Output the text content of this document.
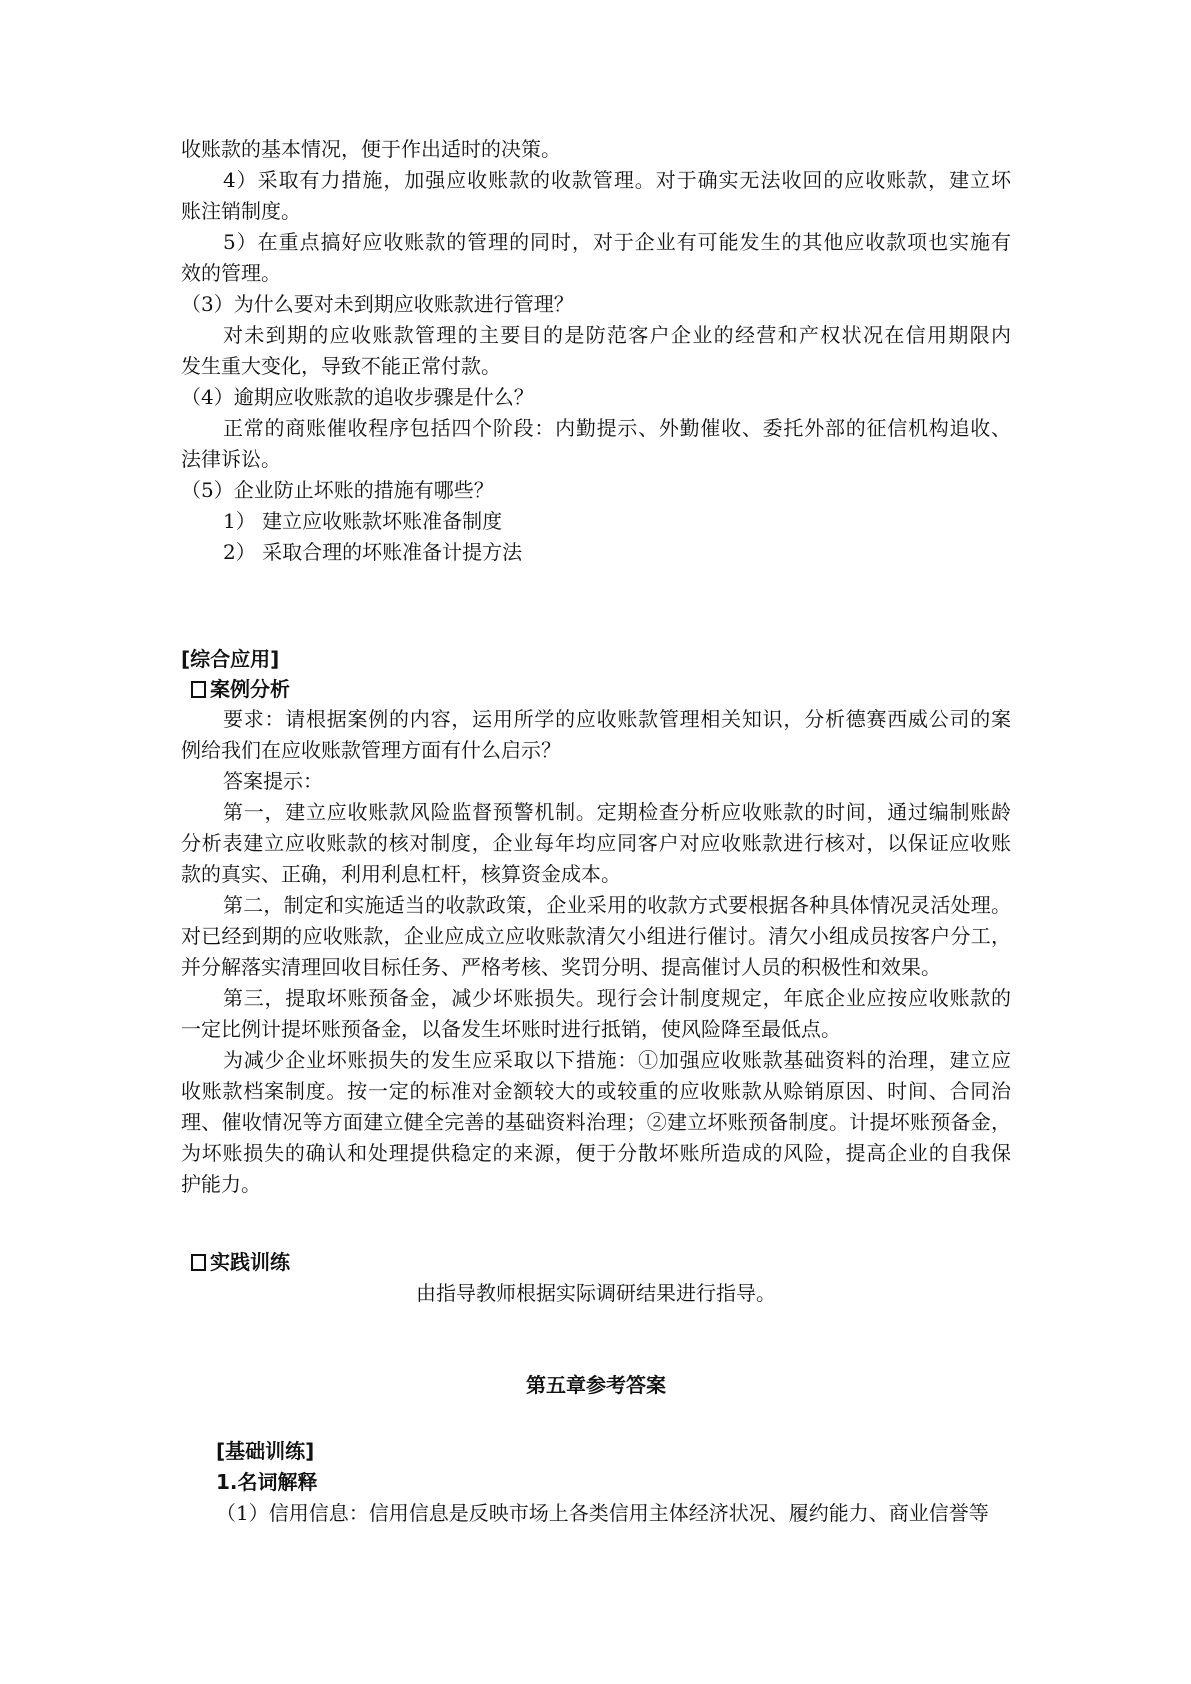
收账款的基本情况，便于作出适时的决策。
4）采取有力措施，加强应收账款的收款管理。对于确实无法收回的应收账款，建立坏
账注销制度。
5）在重点搞好应收账款的管理的同时，对于企业有可能发生的其他应收款项也实施有
效的管理。
（3）为什么要对未到期应收账款进行管理？
对未到期的应收账款管理的主要目的是防范客户企业的经营和产权状况在信用期限内
发生重大变化，导致不能正常付款。
（4）逾期应收账款的追收步骤是什么？
正常的商账催收程序包括四个阶段：内勤提示、外勤催收、委托外部的征信机构追收、
法律诉讼。
（5）企业防止坏账的措施有哪些？
1） 建立应收账款坏账准备制度
2） 采取合理的坏账准备计提方法
[综合应用]
案例分析
要求：请根据案例的内容，运用所学的应收账款管理相关知识，分析德赛西威公司的案
例给我们在应收账款管理方面有什么启示？
答案提示：
第一，建立应收账款风险监督预警机制。定期检查分析应收账款的时间，通过编制账龄
分析表建立应收账款的核对制度，企业每年均应同客户对应收账款进行核对，以保证应收账
款的真实、正确，利用利息杠杆，核算资金成本。
第二，制定和实施适当的收款政策，企业采用的收款方式要根据各种具体情况灵活处理。
对已经到期的应收账款，企业应成立应收账款清欠小组进行催讨。清欠小组成员按客户分工，
并分解落实清理回收目标任务、严格考核、奖罚分明、提高催讨人员的积极性和效果。
第三，提取坏账预备金，减少坏账损失。现行会计制度规定，年底企业应按应收账款的
一定比例计提坏账预备金，以备发生坏账时进行抵销，使风险降至最低点。
为减少企业坏账损失的发生应采取以下措施：①加强应收账款基础资料的治理，建立应
收账款档案制度。按一定的标准对金额较大的或较重的应收账款从赊销原因、时间、合同治
理、催收情况等方面建立健全完善的基础资料治理；②建立坏账预备制度。计提坏账预备金，
为坏账损失的确认和处理提供稳定的来源，便于分散坏账所造成的风险，提高企业的自我保
护能力。
实践训练
由指导教师根据实际调研结果进行指导。
第五章参考答案
[基础训练]
1.名词解释
（1）信用信息：信用信息是反映市场上各类信用主体经济状况、履约能力、商业信誉等
